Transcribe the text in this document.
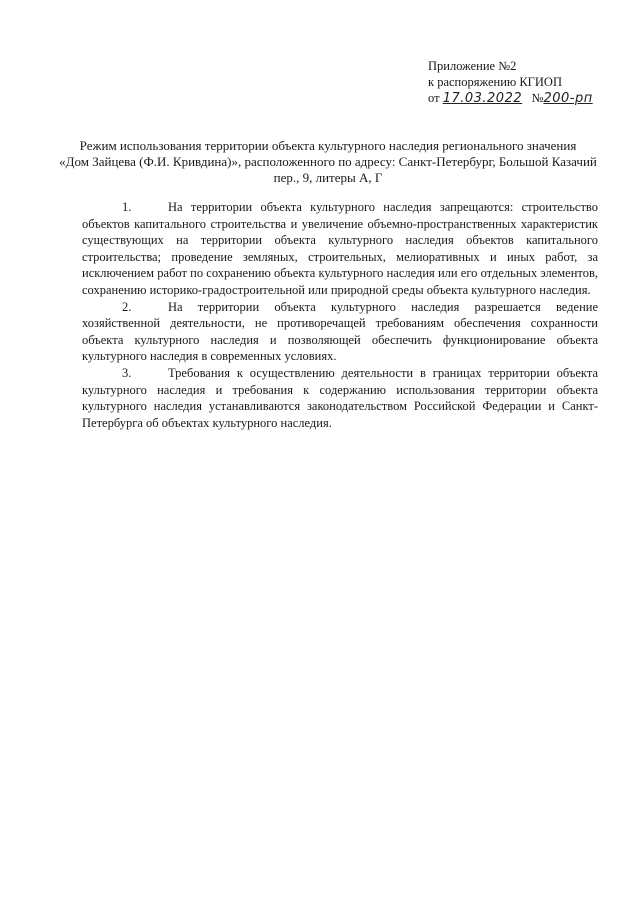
Приложение №2
к распоряжению КГИОП
от 17.03.2022 №200-рп
Режим использования территории объекта культурного наследия регионального значения
«Дом Зайцева (Ф.И. Кривдина)», расположенного по адресу: Санкт-Петербург, Большой Казачий
пер., 9, литеры А, Г

1.	На территории объекта культурного наследия запрещаются: строительство объектов капитального строительства и увеличение объемно-пространственных характеристик существующих на территории объекта культурного наследия объектов капитального строительства; проведение земляных, строительных, мелиоративных и иных работ, за исключением работ по сохранению объекта культурного наследия или его отдельных элементов, сохранению историко-градостроительной или природной среды объекта культурного наследия.

2.	На территории объекта культурного наследия разрешается ведение хозяйственной деятельности, не противоречащей требованиям обеспечения сохранности объекта культурного наследия и позволяющей обеспечить функционирование объекта культурного наследия в современных условиях.

3.	Требования к осуществлению деятельности в границах территории объекта культурного наследия и требования к содержанию использования территории объекта культурного наследия устанавливаются законодательством Российской Федерации и Санкт-Петербурга об объектах культурного наследия.
